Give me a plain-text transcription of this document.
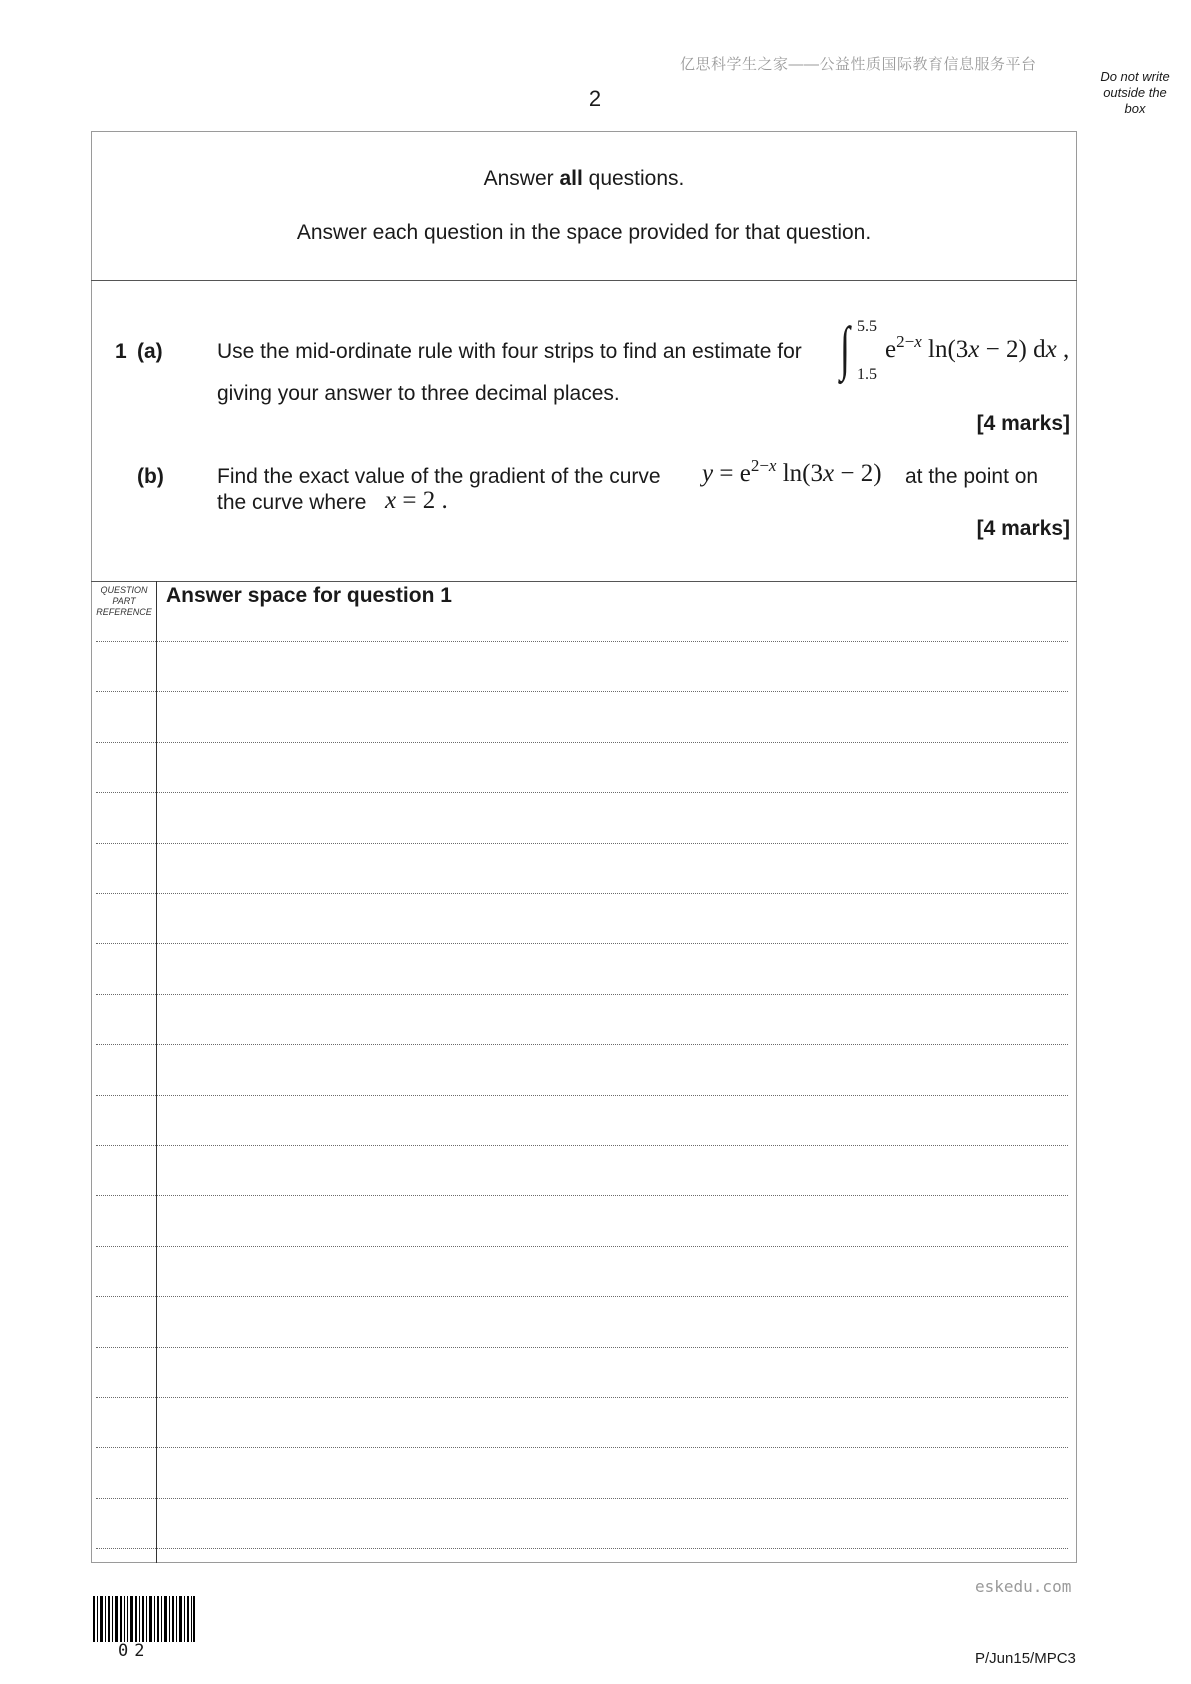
亿思科学生之家——公益性质国际教育信息服务平台
2
Do not write
outside the
box
Answer all questions.
Answer each question in the space provided for that question.
1 (a)	Use the mid-ordinate rule with four strips to find an estimate for ∫ 5.5
1.5
$e^{2-x}$ ln(3x − 2) dx ,
giving your answer to three decimal places.
[4 marks]
(b)	Find the exact value of the gradient of the curve $y = e^{2-x}$ ln(3x − 2) at the point on
the curve where x = 2 .
[4 marks]
QUESTION
PART
REFERENCE
Answer space for question 1
eskedu.com
02	P/Jun15/MPC3
